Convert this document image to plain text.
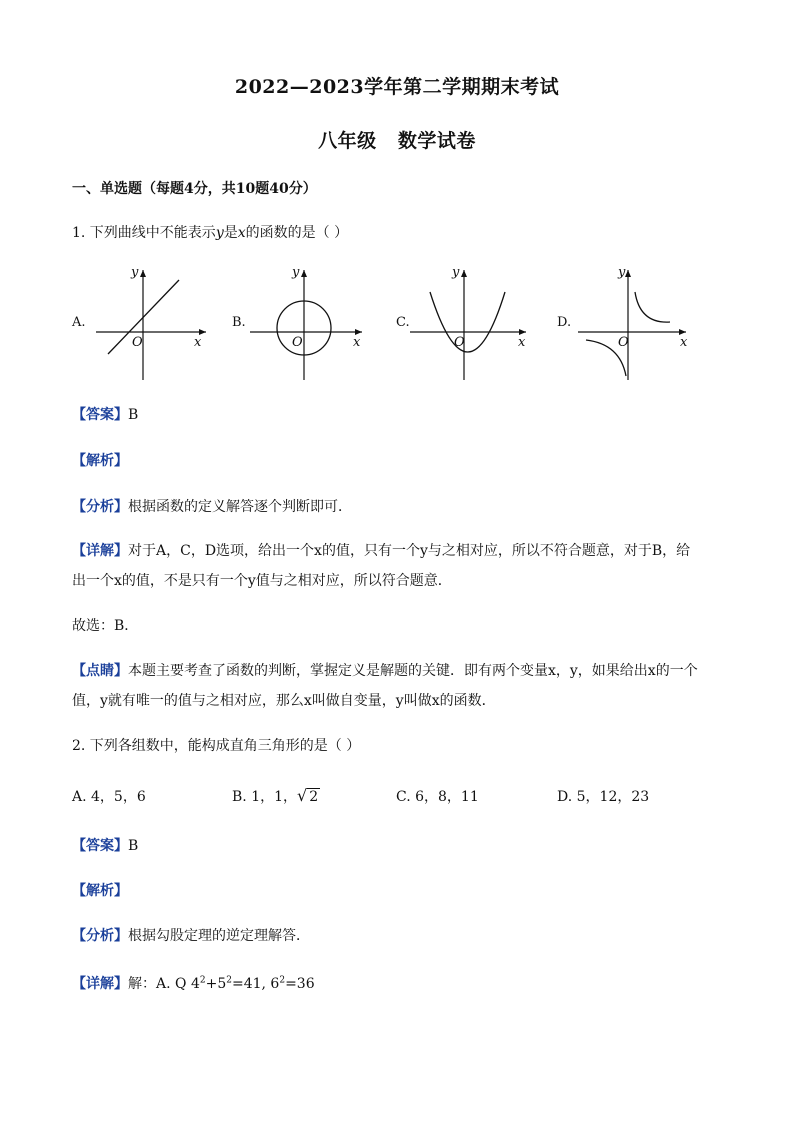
2022—2023学年第二学期期末考试
八年级   数学试卷
一、单选题（每题4分，共10题40分）
1. 下列曲线中不能表示y是x的函数的是（ ）
A.
y
x
O
B.
y
x
O
C.
y
x
O
D.
y
x
O
【答案】B
【解析】
【分析】根据函数的定义解答逐个判断即可．
【详解】对于A，C，D选项，给出一个x的值，只有一个y与之相对应，所以不符合题意，对于B，给
出一个x的值，不是只有一个y值与之相对应，所以符合题意．
故选：B．
【点睛】本题主要考查了函数的判断，掌握定义是解题的关键．即有两个变量x，y，如果给出x的一个
值，y就有唯一的值与之相对应，那么x叫做自变量，y叫做x的函数．
2. 下列各组数中，能构成直角三角形的是（ ）
A. 4，5，6	B. 1，1，√ 2	C. 6，8，11	D. 5，12，23
【答案】B
【解析】
【分析】根据勾股定理的逆定理解答．
【详解】解：A. Q $4^2+5^2=41$, $6^2=36$
